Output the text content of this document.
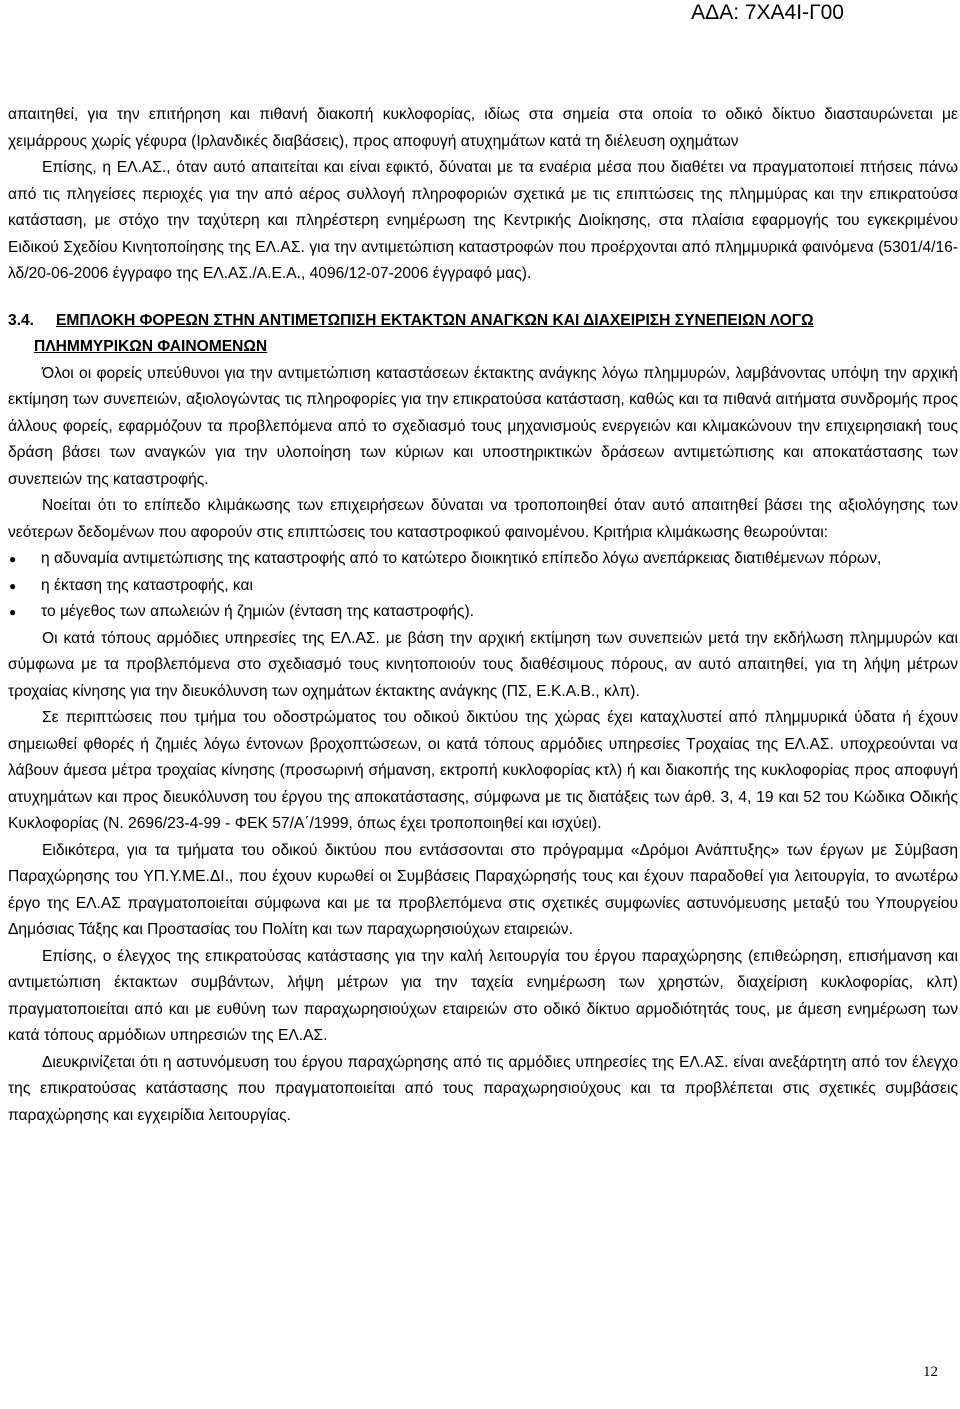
ΑΔΑ: 7ΧΑ4Ι-Γ00

απαιτηθεί, για την επιτήρηση και πιθανή διακοπή κυκλοφορίας, ιδίως στα σημεία στα οποία το οδικό δίκτυο διασταυρώνεται με χειμάρρους χωρίς γέφυρα (Ιρλανδικές διαβάσεις), προς αποφυγή ατυχημάτων κατά τη διέλευση οχημάτων

Επίσης, η ΕΛ.ΑΣ., όταν αυτό απαιτείται και είναι εφικτό, δύναται με τα εναέρια μέσα που διαθέτει να πραγματοποιεί πτήσεις πάνω από τις πληγείσες περιοχές για την από αέρος συλλογή πληροφοριών σχετικά με τις επιπτώσεις της πλημμύρας και την επικρατούσα κατάσταση, με στόχο την ταχύτερη και πληρέστερη ενημέρωση της Κεντρικής Διοίκησης, στα πλαίσια εφαρμογής του εγκεκριμένου Ειδικού Σχεδίου Κινητοποίησης της ΕΛ.ΑΣ. για την αντιμετώπιση καταστροφών που προέρχονται από πλημμυρικά φαινόμενα (5301/4/16-λδ/20-06-2006 έγγραφο της ΕΛ.ΑΣ./Α.Ε.Α., 4096/12-07-2006 έγγραφό μας).

3.4. ΕΜΠΛΟΚΗ ΦΟΡΕΩΝ ΣΤΗΝ ΑΝΤΙΜΕΤΩΠΙΣΗ ΕΚΤΑΚΤΩΝ ΑΝΑΓΚΩΝ ΚΑΙ ΔΙΑΧΕΙΡΙΣΗ ΣΥΝΕΠΕΙΩΝ ΛΟΓΩ

ΠΛΗΜΜΥΡΙΚΩΝ ΦΑΙΝΟΜΕΝΩΝ

Όλοι οι φορείς υπεύθυνοι για την αντιμετώπιση καταστάσεων έκτακτης ανάγκης λόγω πλημμυρών, λαμβάνοντας υπόψη την αρχική εκτίμηση των συνεπειών, αξιολογώντας τις πληροφορίες για την επικρατούσα κατάσταση, καθώς και τα πιθανά αιτήματα συνδρομής προς άλλους φορείς, εφαρμόζουν τα προβλεπόμενα από το σχεδιασμό τους μηχανισμούς ενεργειών και κλιμακώνουν την επιχειρησιακή τους δράση βάσει των αναγκών για την υλοποίηση των κύριων και υποστηρικτικών δράσεων αντιμετώπισης και αποκατάστασης των συνεπειών της καταστροφής.

Νοείται ότι το επίπεδο κλιμάκωσης των επιχειρήσεων δύναται να τροποποιηθεί όταν αυτό απαιτηθεί βάσει της αξιολόγησης των νεότερων δεδομένων που αφορούν στις επιπτώσεις του καταστροφικού φαινομένου. Κριτήρια κλιμάκωσης θεωρούνται:

● η αδυναμία αντιμετώπισης της καταστροφής από το κατώτερο διοικητικό επίπεδο λόγω ανεπάρκειας διατιθέμενων πόρων,
● η έκταση της καταστροφής, και
● το μέγεθος των απωλειών ή ζημιών (ένταση της καταστροφής).

Οι κατά τόπους αρμόδιες υπηρεσίες της ΕΛ.ΑΣ. με βάση την αρχική εκτίμηση των συνεπειών μετά την εκδήλωση πλημμυρών και σύμφωνα με τα προβλεπόμενα στο σχεδιασμό τους κινητοποιούν τους διαθέσιμους πόρους, αν αυτό απαιτηθεί, για τη λήψη μέτρων τροχαίας κίνησης για την διευκόλυνση των οχημάτων έκτακτης ανάγκης (ΠΣ, Ε.Κ.Α.Β., κλπ).

Σε περιπτώσεις που τμήμα του οδοστρώματος του οδικού δικτύου της χώρας έχει καταχλυστεί από πλημμυρικά ύδατα ή έχουν σημειωθεί φθορές ή ζημιές λόγω έντονων βροχοπτώσεων, οι κατά τόπους αρμόδιες υπηρεσίες Τροχαίας της ΕΛ.ΑΣ. υποχρεούνται να λάβουν άμεσα μέτρα τροχαίας κίνησης (προσωρινή σήμανση, εκτροπή κυκλοφορίας κτλ) ή και διακοπής της κυκλοφορίας προς αποφυγή ατυχημάτων και προς διευκόλυνση του έργου της αποκατάστασης, σύμφωνα με τις διατάξεις των άρθ. 3, 4, 19 και 52 του Κώδικα Οδικής Κυκλοφορίας (Ν. 2696/23-4-99 - ΦΕΚ 57/Α΄/1999, όπως έχει τροποποιηθεί και ισχύει).

Ειδικότερα, για τα τμήματα του οδικού δικτύου που εντάσσονται στο πρόγραμμα «Δρόμοι Ανάπτυξης» των έργων με Σύμβαση Παραχώρησης του ΥΠ.Υ.ΜΕ.ΔΙ., που έχουν κυρωθεί οι Συμβάσεις Παραχώρησής τους και έχουν παραδοθεί για λειτουργία, το ανωτέρω έργο της ΕΛ.ΑΣ πραγματοποιείται σύμφωνα και με τα προβλεπόμενα στις σχετικές συμφωνίες αστυνόμευσης μεταξύ του Υπουργείου Δημόσιας Τάξης και Προστασίας του Πολίτη και των παραχωρησιούχων εταιρειών.

Επίσης, ο έλεγχος της επικρατούσας κατάστασης για την καλή λειτουργία του έργου παραχώρησης (επιθεώρηση, επισήμανση και αντιμετώπιση έκτακτων συμβάντων, λήψη μέτρων για την ταχεία ενημέρωση των χρηστών, διαχείριση κυκλοφορίας, κλπ) πραγματοποιείται από και με ευθύνη των παραχωρησιούχων εταιρειών στο οδικό δίκτυο αρμοδιότητάς τους, με άμεση ενημέρωση των κατά τόπους αρμόδιων υπηρεσιών της ΕΛ.ΑΣ.

Διευκρινίζεται ότι η αστυνόμευση του έργου παραχώρησης από τις αρμόδιες υπηρεσίες της ΕΛ.ΑΣ. είναι ανεξάρτητη από τον έλεγχο της επικρατούσας κατάστασης που πραγματοποιείται από τους παραχωρησιούχους και τα προβλέπεται στις σχετικές συμβάσεις παραχώρησης και εγχειρίδια λειτουργίας.

12
